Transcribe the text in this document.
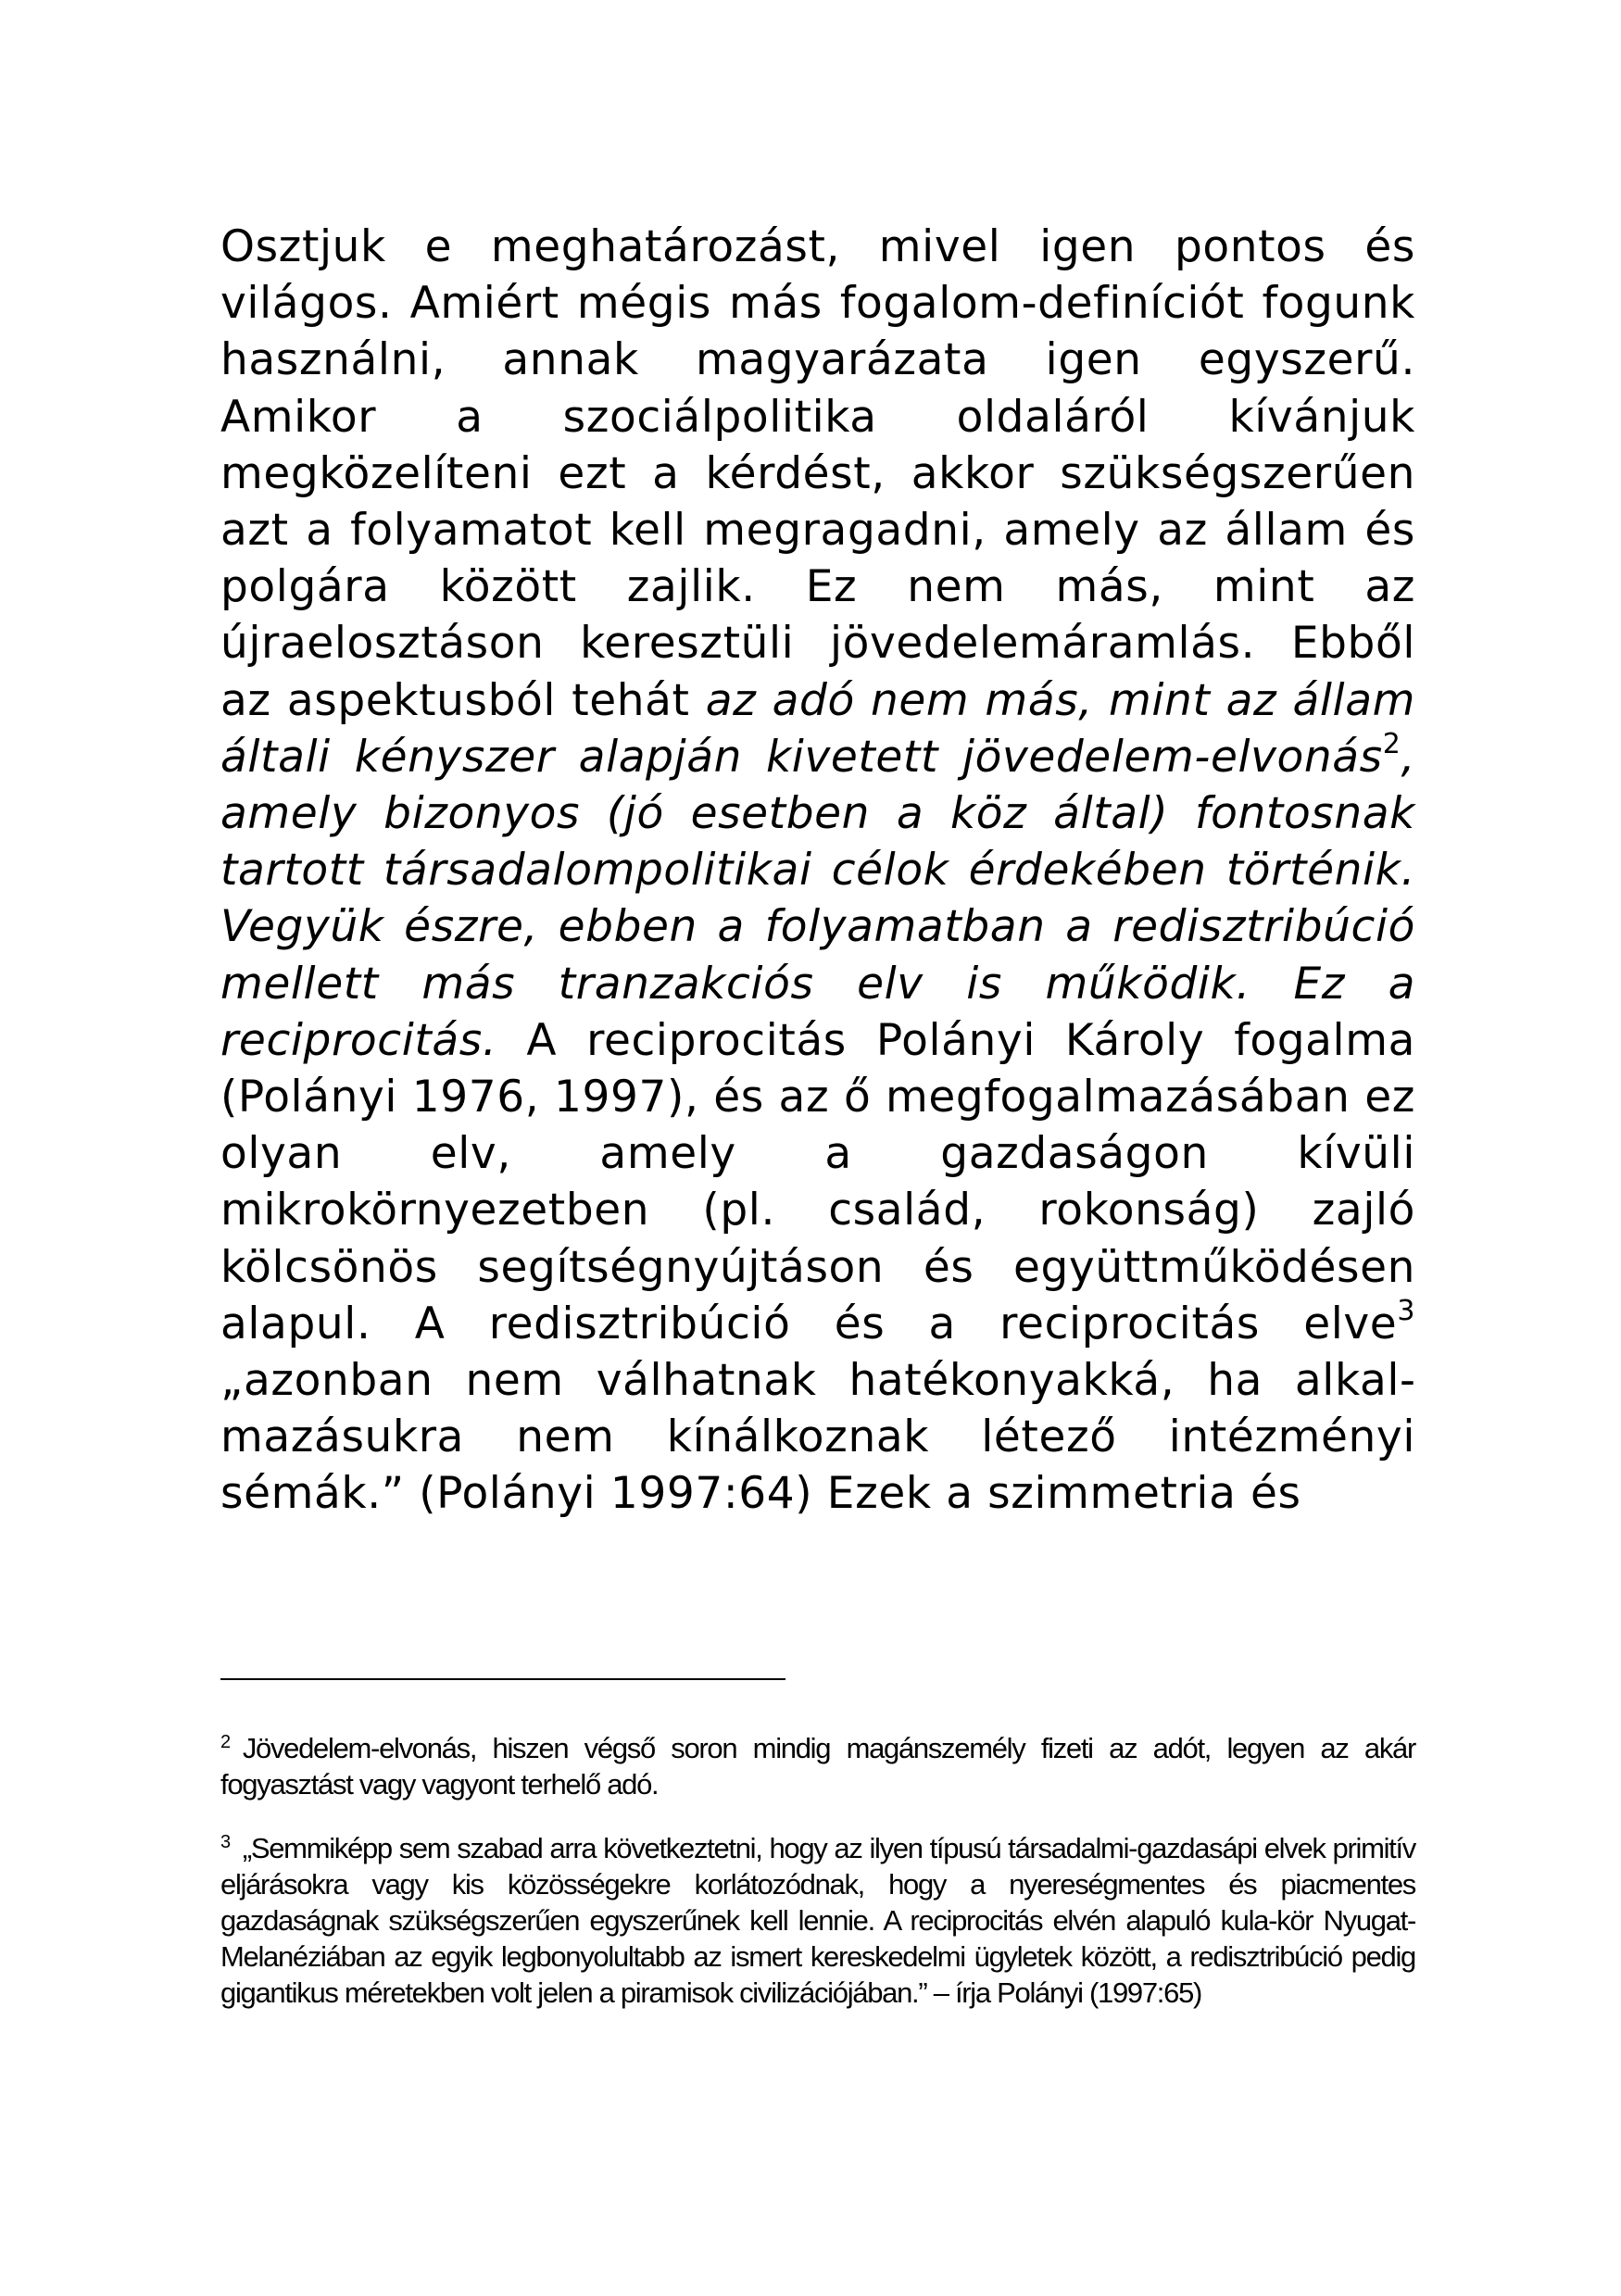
Osztjuk e meghatározást, mivel igen pontos és világos. Amiért mégis más fogalom-definíciót fogunk használni, annak magyarázata igen egyszerű. Amikor a szociálpolitika oldaláról kívánjuk megközelíteni ezt a kérdést, akkor szükségszerűen azt a folyamatot kell megragadni, amely az állam és polgára között zajlik. Ez nem más, mint az újraelosztáson keresztüli jövedelemáramlás. Ebből az aspektusból tehát az adó nem más, mint az állam általi kényszer alapján kivetett jövedelem-elvonás$^2$, amely bizonyos (jó esetben a köz által) fontosnak tartott társadalompolitikai célok érdekében történik. Vegyük észre, ebben a folyamatban a redisztribúció mellett más tranzakciós elv is működik. Ez a reciprocitás. A reciprocitás Polányi Károly fogalma (Polányi 1976, 1997), és az ő megfogalmazásában ez olyan elv, amely a gazdaságon kívüli mikrokörnyezetben (pl. család, rokonság) zajló kölcsönös segítségnyújtáson és együttműködésen alapul. A redisztribúció és a reciprocitás elve$^3$ „azonban nem válhatnak hatékonyakká, ha alkalmazásukra nem kínálkoznak létező intézményi sémák.” (Polányi 1997:64) Ezek a szimmetria és

$^2$ Jövedelem-elvonás, hiszen végső soron mindig magánszemély fizeti az adót, legyen az akár fogyasztást vagy vagyont terhelő adó.

$^3$ „Semmiképp sem szabad arra következtetni, hogy az ilyen típusú társadalmi-gazdasápi elvek primitív eljárásokra vagy kis közösségekre korlátozódnak, hogy a nyereségmentes és piacmentes gazdaságnak szükségszerűen egyszerűnek kell lennie. A reciprocitás elvén alapuló kula-kör Nyugat-Melanéziában az egyik legbonyolultabb az ismert kereskedelmi ügyletek között, a redisztribúció pedig gigantikus méretekben volt jelen a piramisok civilizációjában.” – írja Polányi (1997:65)
